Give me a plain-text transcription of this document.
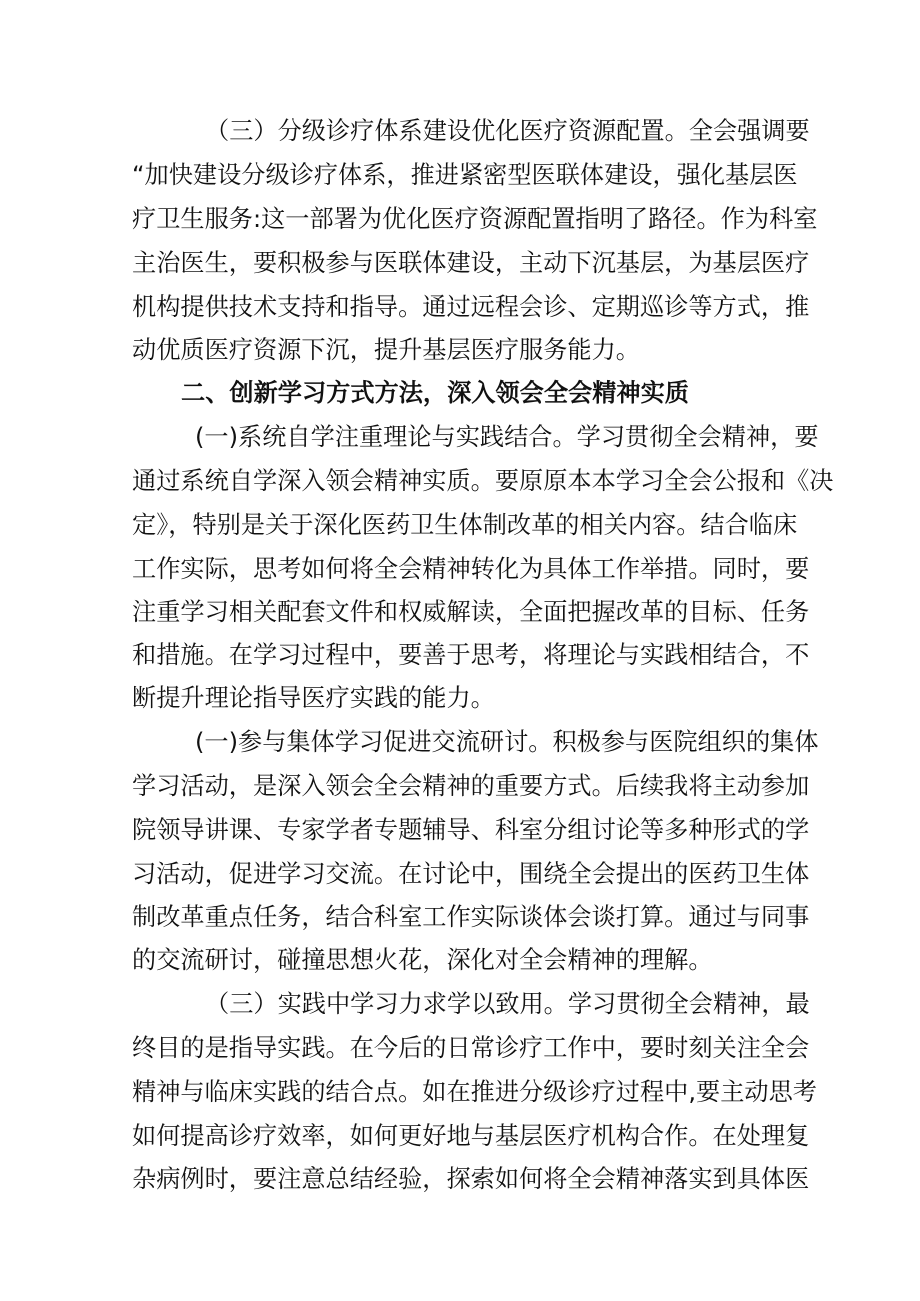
（三）分级诊疗体系建设优化医疗资源配置。全会强调要
“加快建设分级诊疗体系，推进紧密型医联体建设，强化基层医
疗卫生服务:这一部署为优化医疗资源配置指明了路径。作为科室
主治医生，要积极参与医联体建设，主动下沉基层，为基层医疗
机构提供技术支持和指导。通过远程会诊、定期巡诊等方式，推
动优质医疗资源下沉，提升基层医疗服务能力。
二、创新学习方式方法，深入领会全会精神实质
(一)系统自学注重理论与实践结合。学习贯彻全会精神，要
通过系统自学深入领会精神实质。要原原本本学习全会公报和《决
定》，特别是关于深化医药卫生体制改革的相关内容。结合临床
工作实际，思考如何将全会精神转化为具体工作举措。同时，要
注重学习相关配套文件和权威解读，全面把握改革的目标、任务
和措施。在学习过程中，要善于思考，将理论与实践相结合，不
断提升理论指导医疗实践的能力。
(一)参与集体学习促进交流研讨。积极参与医院组织的集体
学习活动，是深入领会全会精神的重要方式。后续我将主动参加
院领导讲课、专家学者专题辅导、科室分组讨论等多种形式的学
习活动，促进学习交流。在讨论中，围绕全会提出的医药卫生体
制改革重点任务，结合科室工作实际谈体会谈打算。通过与同事
的交流研讨，碰撞思想火花，深化对全会精神的理解。
（三）实践中学习力求学以致用。学习贯彻全会精神，最
终目的是指导实践。在今后的日常诊疗工作中，要时刻关注全会
精神与临床实践的结合点。如在推进分级诊疗过程中,要主动思考
如何提高诊疗效率，如何更好地与基层医疗机构合作。在处理复
杂病例时，要注意总结经验，探索如何将全会精神落实到具体医
